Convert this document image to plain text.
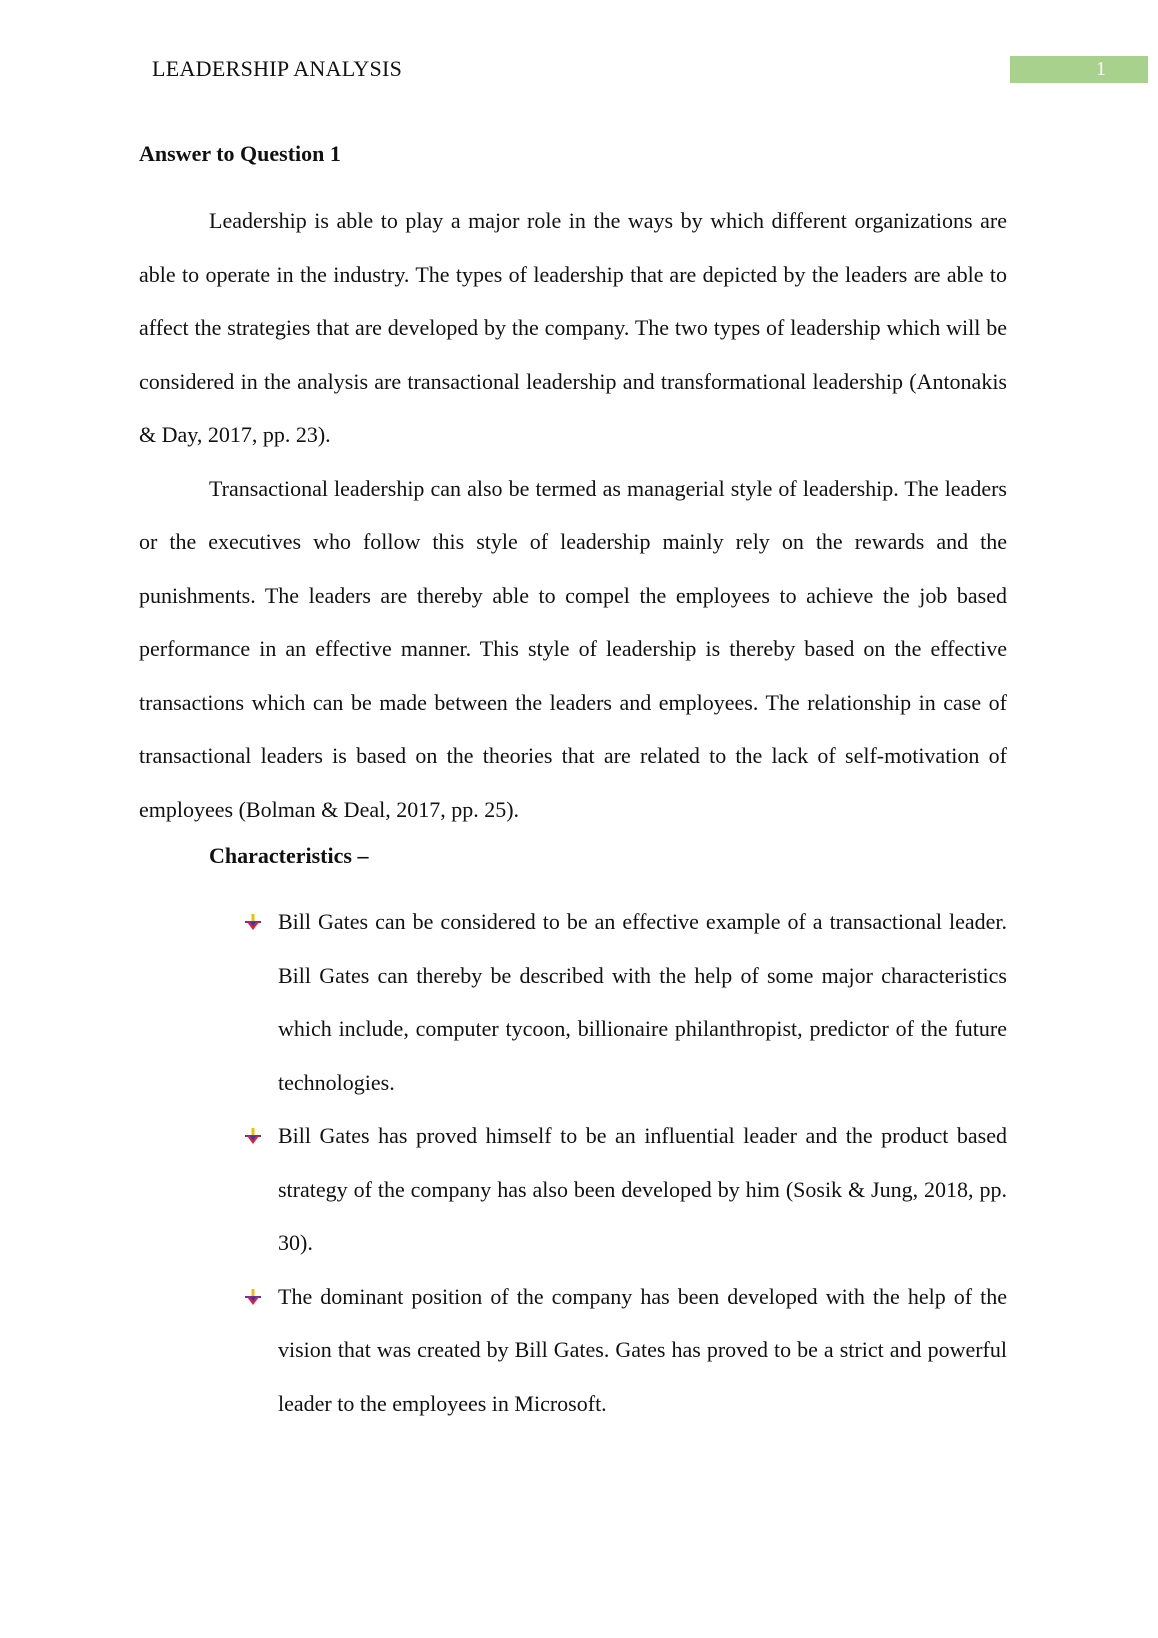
LEADERSHIP ANALYSIS	1

Answer to Question 1

Leadership is able to play a major role in the ways by which different organizations are able to operate in the industry. The types of leadership that are depicted by the leaders are able to affect the strategies that are developed by the company. The two types of leadership which will be considered in the analysis are transactional leadership and transformational leadership (Antonakis & Day, 2017, pp. 23).

Transactional leadership can also be termed as managerial style of leadership. The leaders or the executives who follow this style of leadership mainly rely on the rewards and the punishments. The leaders are thereby able to compel the employees to achieve the job based performance in an effective manner. This style of leadership is thereby based on the effective transactions which can be made between the leaders and employees. The relationship in case of transactional leaders is based on the theories that are related to the lack of self-motivation of employees (Bolman & Deal, 2017, pp. 25).

Characteristics –

Bill Gates can be considered to be an effective example of a transactional leader. Bill Gates can thereby be described with the help of some major characteristics which include, computer tycoon, billionaire philanthropist, predictor of the future technologies.
Bill Gates has proved himself to be an influential leader and the product based strategy of the company has also been developed by him (Sosik & Jung, 2018, pp. 30).
The dominant position of the company has been developed with the help of the vision that was created by Bill Gates. Gates has proved to be a strict and powerful leader to the employees in Microsoft.
